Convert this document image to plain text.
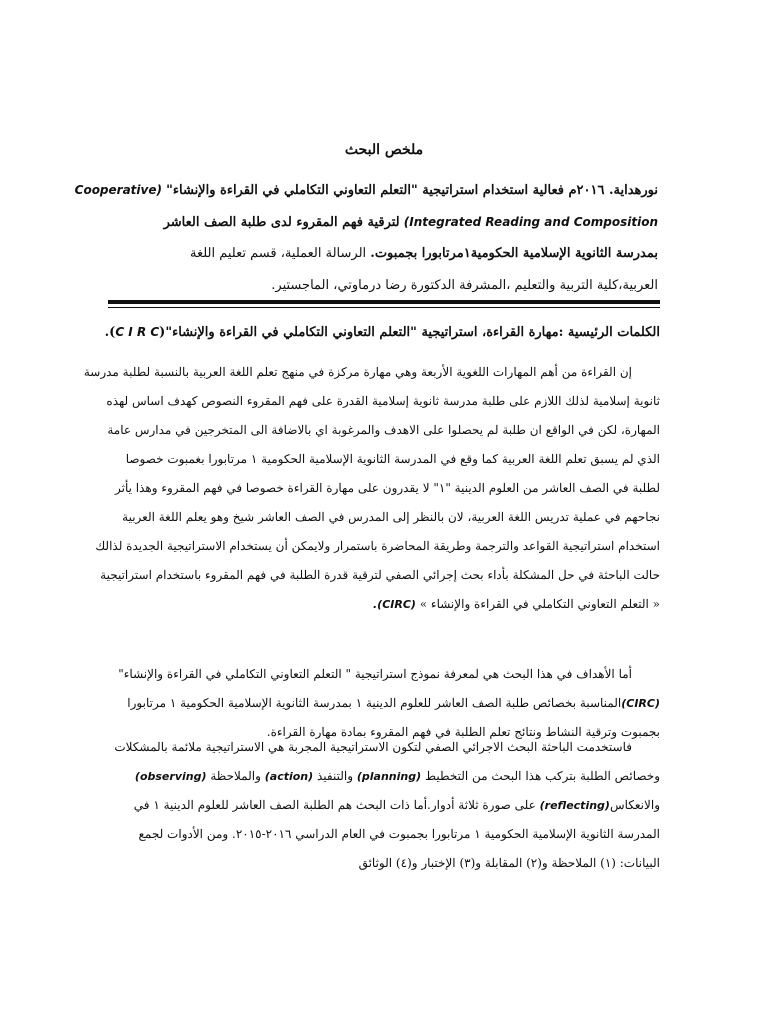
ملخص البحث
نورهداية. ٢٠١٦م فعالية استخدام استراتيجية "التعلم التعاوني التكاملي في القراءة والإنشاء" (Cooperative
Integrated Reading and Composition) لترقية فهم المقروء لدى طلبة الصف العاشر
بمدرسة الثانوية الإسلامية الحكومية١مرتابورا بجمبوت. الرسالة العملية، قسم تعليم اللغة
العربية،كلية التربية والتعليم ،المشرفة الدكتورة رضا درماوتي، الماجستير.
الكلمات الرئيسية :مهارة القراءة، استراتيجية "التعلم التعاوني التكاملي في القراءة والإنشاء"(C I R C).
إن القراءة من أهم المهارات اللغوية الأربعة وهي مهارة مركزة في منهج تعلم اللغة العربية بالنسبة لطلبة مدرسة
ثانوية إسلامية لذلك اللازم على طلبة مدرسة ثانوية إسلامية القدرة على فهم المقروء النصوص كهدف اساس لهذه
المهارة، لكن في الواقع ان طلبة لم يحصلوا على الاهدف والمرغوبة اي بالاضافة الى المتخرجين في مدارس عامة
الذي لم يسبق تعلم اللغة العربية كما وقع في المدرسة الثانوية الإسلامية الحكومية ١ مرتابورا بغمبوت خصوصا
لطلبة في الصف العاشر من العلوم الدينية "١" لا يقدرون على مهارة القراءة خصوصا في فهم المقروء وهذا يأثر
نجاحهم في عملية تدريس اللغة العربية، لان بالنظر إلى المدرس في الصف العاشر شيخ وهو يعلم اللغة العربية
استخدام استراتيجية القواعد والترجمة وطريقة المحاضرة باستمرار ولايمكن أن يستخدام الاستراتيجية الجديدة لذالك
حالت الباحثة في حل المشكلة بأداء بحث إجرائي الصفي لترقية قدرة الطلبة في فهم المقروء باستخدام استراتيجية
« التعلم التعاوني التكاملي في القراءة والإنشاء » (CIRC).
أما الأهداف في هذا البحث هي لمعرفة نموذج استراتيجية " التعلم التعاوني التكاملي في القراءة والإنشاء"
(CIRC)المناسبة بخصائص طلبة الصف العاشر للعلوم الدينية ١ بمدرسة الثانوية الإسلامية الحكومية ١ مرتابورا
بجمبوت وترقية النشاط ونتائج تعلم الطلبة في فهم المقروء بمادة مهارة القراءة.
فاستخدمت الباحثة البحث الاجرائي الصفي لتكون الاستراتيجية المجربة هي الاستراتيجية ملائمة بالمشكلات
وخصائص الطلبة بتركب هذا البحث من التخطيط (planning) والتنفيذ (action) والملاحظة (observing)
والانعكاس(reflecting) على صورة ثلاثة أدوار.أما ذات البحث هم الطلبة الصف العاشر للعلوم الدينية ١ في
المدرسة الثانوية الإسلامية الحكومية ١ مرتابورا بجمبوت في العام الدراسي ٢٠١٦-٢٠١٥. ومن الأدوات لجمع
البيانات: (١) الملاحظة و(٢) المقابلة و(٣) الإختبار و(٤) الوثائق
